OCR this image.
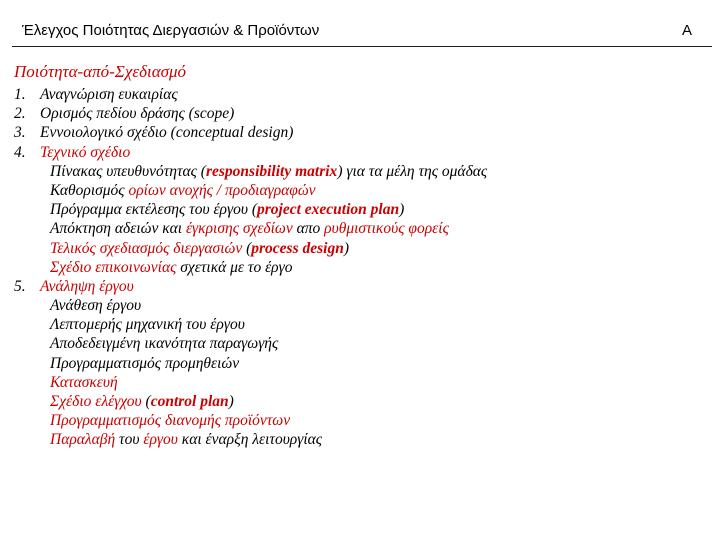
Έλεγχος Ποιότητας Διεργασιών & Προϊόντων	Α
Ποιότητα-από-Σχεδιασμό
1. Αναγνώριση ευκαιρίας
2. Ορισμός πεδίου δράσης (scope)
3. Εννοιολογικό σχέδιο (conceptual design)
4. Τεχνικό σχέδιο
Πίνακας υπευθυνότητας (responsibility matrix) για τα μέλη της ομάδας
Καθορισμός ορίων ανοχής / προδιαγραφών
Πρόγραμμα εκτέλεσης του έργου (project execution plan)
Απόκτηση αδειών και έγκρισης σχεδίων απο ρυθμιστικούς φορείς
Τελικός σχεδιασμός διεργασιών (process design)
Σχέδιο επικοινωνίας σχετικά με το έργο
5. Ανάληψη έργου
Ανάθεση έργου
Λεπτομερής μηχανική του έργου
Αποδεδειγμένη ικανότητα παραγωγής
Προγραμματισμός προμηθειών
Κατασκευή
Σχέδιο ελέγχου (control plan)
Προγραμματισμός διανομής προϊόντων
Παραλαβή του έργου και έναρξη λειτουργίας
